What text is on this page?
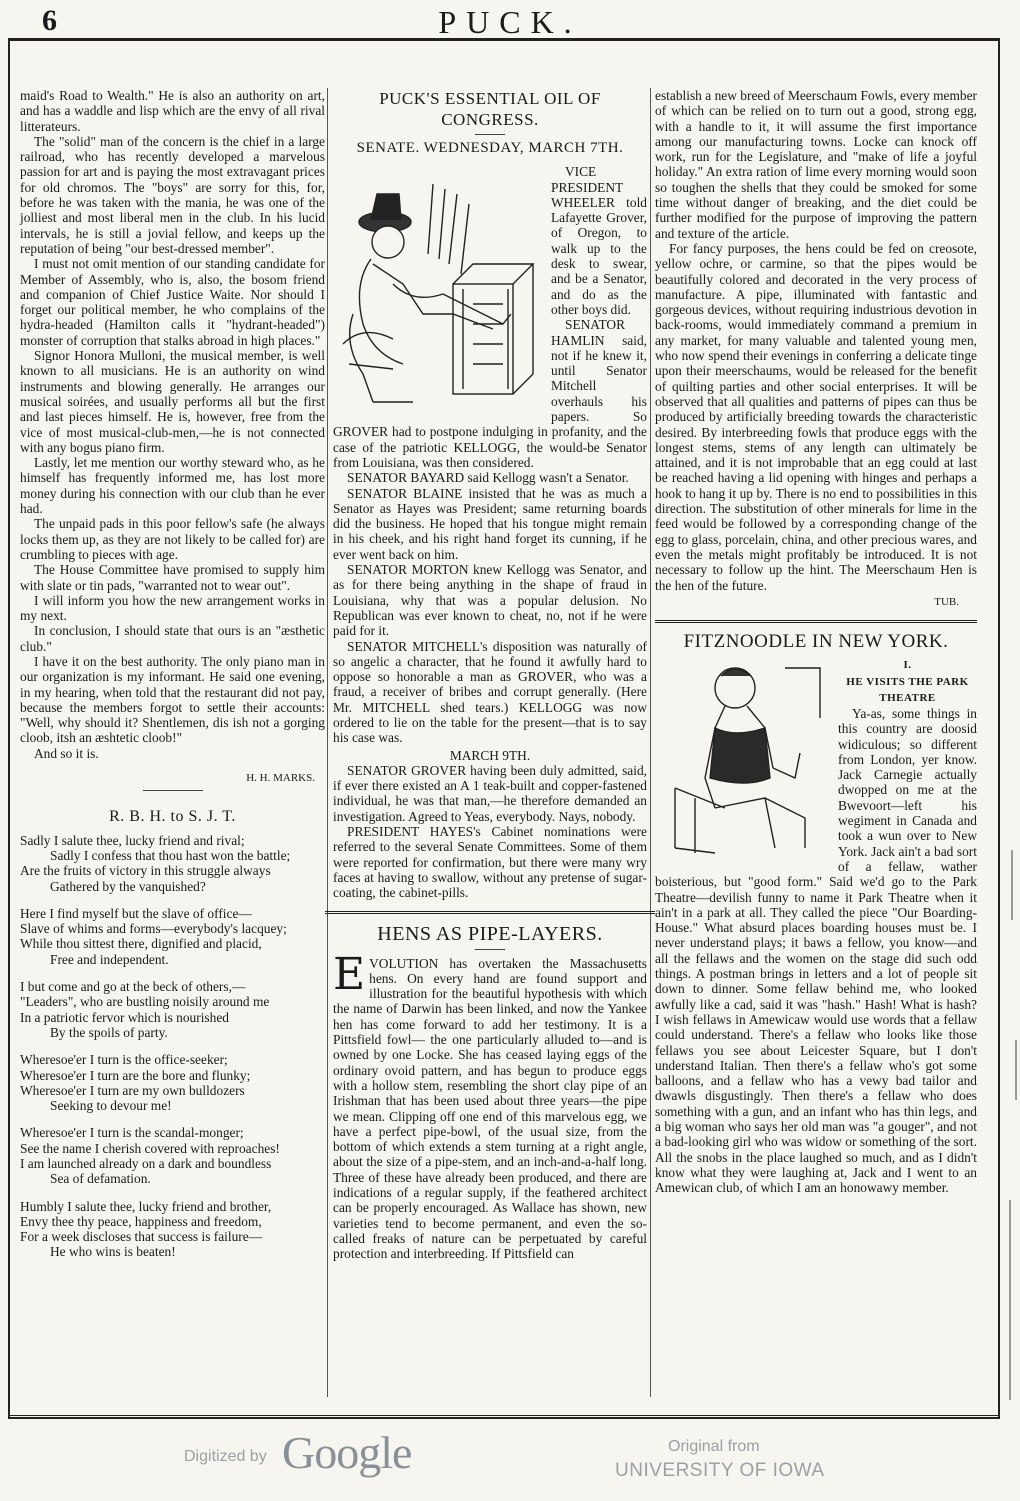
6	PUCK.

maid's Road to Wealth." He is also an authority on art, and has a waddle and lisp which are the envy of all rival litterateurs.

The "solid" man of the concern is the chief in a large railroad, who has recently developed a marvelous passion for art and is paying the most extravagant prices for old chromos. The "boys" are sorry for this, for, before he was taken with the mania, he was one of the jolliest and most liberal men in the club. In his lucid intervals, he is still a jovial fellow, and keeps up the reputation of being "our best-dressed member".

I must not omit mention of our standing candidate for Member of Assembly, who is, also, the bosom friend and companion of Chief Justice Waite. Nor should I forget our political member, he who complains of the hydra-headed (Hamilton calls it "hydrant-headed") monster of corruption that stalks abroad in high places."

Signor Honora Mulloni, the musical member, is well known to all musicians. He is an authority on wind instruments and blowing generally. He arranges our musical soirées, and usually performs all but the first and last pieces himself. He is, however, free from the vice of most musical-club-men,—he is not connected with any bogus piano firm.

Lastly, let me mention our worthy steward who, as he himself has frequently informed me, has lost more money during his connection with our club than he ever had.

The unpaid pads in this poor fellow's safe (he always locks them up, as they are not likely to be called for) are crumbling to pieces with age.

The House Committee have promised to supply him with slate or tin pads, "warranted not to wear out".

I will inform you how the new arrangement works in my next.

In conclusion, I should state that ours is an "æsthetic club."

I have it on the best authority. The only piano man in our organization is my informant. He said one evening, in my hearing, when told that the restaurant did not pay, because the members forgot to settle their accounts: "Well, why should it? Shentlemen, dis ish not a gorging cloob, itsh an æshtetic cloob!"

And so it is.

H. H. MARKS.
R. B. H. to S. J. T.
Sadly I salute thee, lucky friend and rival;
Sadly I confess that thou hast won the battle;
Are the fruits of victory in this struggle always
Gathered by the vanquished?
Here I find myself but the slave of office—
Slave of whims and forms—everybody's lacquey;
While thou sittest there, dignified and placid,
Free and independent.
I but come and go at the beck of others,—
"Leaders", who are bustling noisily around me
In a patriotic fervor which is nourished
By the spoils of party.
Wheresoe'er I turn is the office-seeker;
Wheresoe'er I turn are the bore and flunky;
Wheresoe'er I turn are my own bulldozers
Seeking to devour me!
Wheresoe'er I turn is the scandal-monger;
See the name I cherish covered with reproaches!
I am launched already on a dark and boundless
Sea of defamation.
Humbly I salute thee, lucky friend and brother,
Envy thee thy peace, happiness and freedom,
For a week discloses that success is failure—
He who wins is beaten!
PUCK'S ESSENTIAL OIL OF CONGRESS.
SENATE. WEDNESDAY, MARCH 7TH.

VICE PRESIDENT WHEELER told Lafayette Grover, of Oregon, to walk up to the desk to swear, and be a Senator, and do as the other boys did.

SENATOR HAMLIN said, not if he knew it, until Senator Mitchell overhauls his papers. So GROVER had to postpone indulging in profanity, and the case of the patriotic KELLOGG, the would-be Senator from Louisiana, was then considered.

SENATOR BAYARD said Kellogg wasn't a Senator.

SENATOR BLAINE insisted that he was as much a Senator as Hayes was President; same returning boards did the business. He hoped that his tongue might remain in his cheek, and his right hand forget its cunning, if he ever went back on him.

SENATOR MORTON knew Kellogg was Senator, and as for there being anything in the shape of fraud in Louisiana, why that was a popular delusion. No Republican was ever known to cheat, no, not if he were paid for it.

SENATOR MITCHELL's disposition was naturally of so angelic a character, that he found it awfully hard to oppose so honorable a man as GROVER, who was a fraud, a receiver of bribes and corrupt generally. (Here Mr. MITCHELL shed tears.) KELLOGG was now ordered to lie on the table for the present—that is to say his case was.

MARCH 9TH.

SENATOR GROVER having been duly admitted, said, if ever there existed an A 1 teak-built and copper-fastened individual, he was that man,—he therefore demanded an investigation. Agreed to Yeas, everybody. Nays, nobody.

PRESIDENT HAYES's Cabinet nominations were referred to the several Senate Committees. Some of them were reported for confirmation, but there were many wry faces at having to swallow, without any pretense of sugar-coating, the cabinet-pills.

HENS AS PIPE-LAYERS.
E VOLUTION has overtaken the Massachusetts hens. On every hand are found support and illustration for the beautiful hypothesis with which the name of Darwin has been linked, and now the Yankee hen has come forward to add her testimony. It is a Pittsfield fowl— the one particularly alluded to—and is owned by one Locke. She has ceased laying eggs of the ordinary ovoid pattern, and has begun to produce eggs with a hollow stem, resembling the short clay pipe of an Irishman that has been used about three years—the pipe we mean. Clipping off one end of this marvelous egg, we have a perfect pipe-bowl, of the usual size, from the bottom of which extends a stem turning at a right angle, about the size of a pipe-stem, and an inch-and-a-half long. Three of these have already been produced, and there are indications of a regular supply, if the feathered architect can be properly encouraged. As Wallace has shown, new varieties tend to become permanent, and even the so-called freaks of nature can be perpetuated by careful protection and interbreeding. If Pittsfield can

establish a new breed of Meerschaum Fowls, every member of which can be relied on to turn out a good, strong egg, with a handle to it, it will assume the first importance among our manufacturing towns. Locke can knock off work, run for the Legislature, and "make of life a joyful holiday." An extra ration of lime every morning would soon so toughen the shells that they could be smoked for some time without danger of breaking, and the diet could be further modified for the purpose of improving the pattern and texture of the article.

For fancy purposes, the hens could be fed on creosote, yellow ochre, or carmine, so that the pipes would be beautifully colored and decorated in the very process of manufacture. A pipe, illuminated with fantastic and gorgeous devices, without requiring industrious devotion in back-rooms, would immediately command a premium in any market, for many valuable and talented young men, who now spend their evenings in conferring a delicate tinge upon their meerschaums, would be released for the benefit of quilting parties and other social enterprises. It will be observed that all qualities and patterns of pipes can thus be produced by artificially breeding towards the characteristic desired. By interbreeding fowls that produce eggs with the longest stems, stems of any length can ultimately be attained, and it is not improbable that an egg could at last be reached having a lid opening with hinges and perhaps a hook to hang it up by. There is no end to possibilities in this direction. The substitution of other minerals for lime in the feed would be followed by a corresponding change of the egg to glass, porcelain, china, and other precious wares, and even the metals might profitably be introduced. It is not necessary to follow up the hint. The Meerschaum Hen is the hen of the future.

TUB.
FITZNOODLE IN NEW YORK.
I.
HE VISITS THE PARK
THEATRE

Ya-as, some things in this country are doosid widiculous; so different from London, yer know. Jack Carnegie actually dwopped on me at the Bwevoort—left his wegiment in Canada and took a wun over to New York. Jack ain't a bad sort of a fellaw, wather boisterious, but "good form." Said we'd go to the Park Theatre—devilish funny to name it Park Theatre when it ain't in a park at all. They called the piece "Our Boarding-House." What absurd places boarding houses must be. I never understand plays; it baws a fellow, you know—and all the fellaws and the women on the stage did such odd things. A postman brings in letters and a lot of people sit down to dinner. Some fellaw behind me, who looked awfully like a cad, said it was "hash." Hash! What is hash? I wish fellaws in Amewicaw would use words that a fellaw could understand. There's a fellaw who looks like those fellaws you see about Leicester Square, but I don't understand Italian. Then there's a fellaw who's got some balloons, and a fellaw who has a vewy bad tailor and dwawls disgustingly. Then there's a fellaw who does something with a gun, and an infant who has thin legs, and a big woman who says her old man was "a gouger", and not a bad-looking girl who was widow or something of the sort. All the snobs in the place laughed so much, and as I didn't know what they were laughing at, Jack and I went to an Amewican club, of which I am an honowawy member.

Digitized by Google	Original from
UNIVERSITY OF IOWA
